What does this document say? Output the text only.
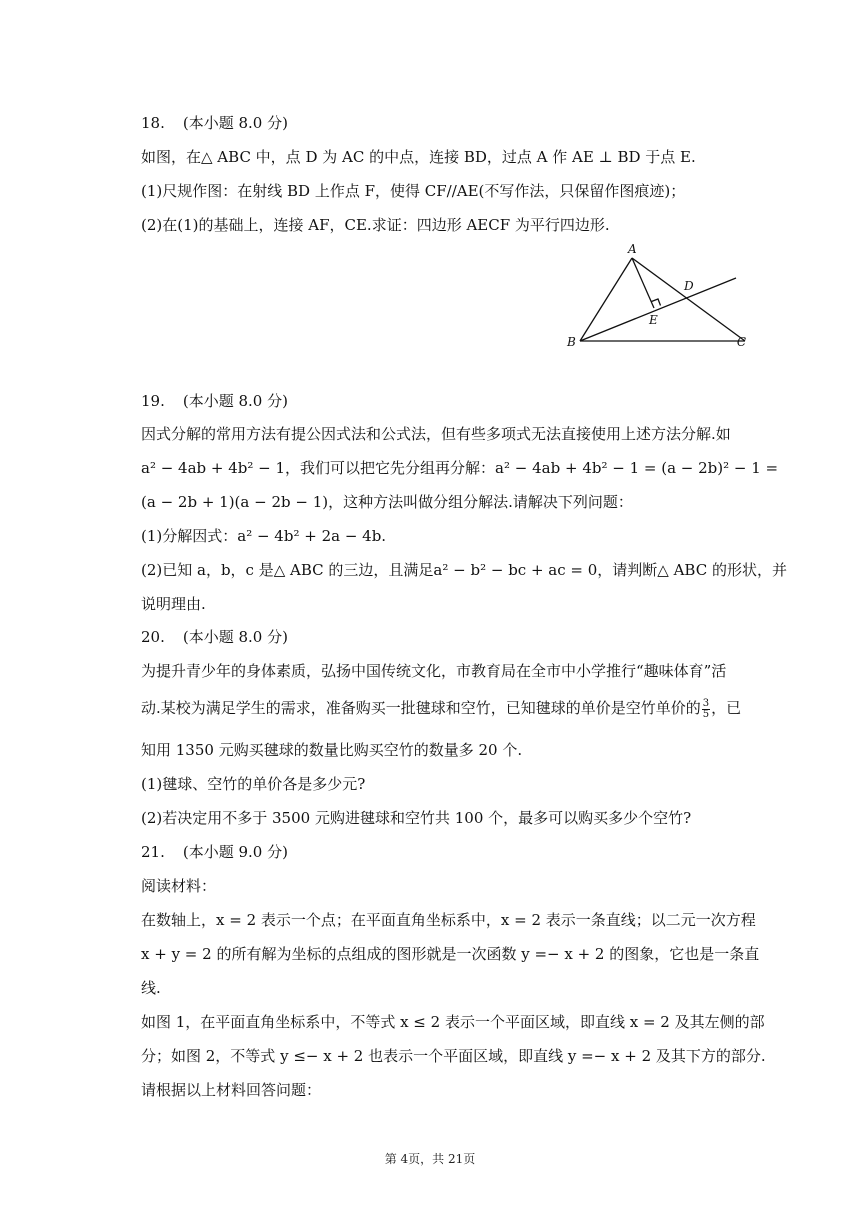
18. (本小题 8.0 分)
如图，在△ ABC 中，点 D 为 AC 的中点，连接 BD，过点 A 作 AE ⊥ BD 于点 E.
(1)尺规作图：在射线 BD 上作点 F，使得 CF//AE(不写作法，只保留作图痕迹)；
(2)在(1)的基础上，连接 AF，CE.求证：四边形 AECF 为平行四边形.
A
B	C
D
E
19. (本小题 8.0 分)
因式分解的常用方法有提公因式法和公式法，但有些多项式无法直接使用上述方法分解.如
a² − 4ab + 4b² − 1，我们可以把它先分组再分解：a² − 4ab + 4b² − 1 = (a − 2b)² − 1 =
(a − 2b + 1)(a − 2b − 1)，这种方法叫做分组分解法.请解决下列问题：
(1)分解因式：a² − 4b² + 2a − 4b.
(2)已知 a，b，c 是△ ABC 的三边，且满足a² − b² − bc + ac = 0，请判断△ ABC 的形状，并
说明理由.
20. (本小题 8.0 分)
为提升青少年的身体素质，弘扬中国传统文化，市教育局在全市中小学推行“趣味体育”活
动.某校为满足学生的需求，准备购买一批毽球和空竹，已知毽球的单价是空竹单价的 $\frac{3}{5}$ ，已
知用 1350 元购买毽球的数量比购买空竹的数量多 20 个.
(1)毽球、空竹的单价各是多少元?
(2)若决定用不多于 3500 元购进毽球和空竹共 100 个，最多可以购买多少个空竹?
21. (本小题 9.0 分)
阅读材料：
在数轴上，x = 2 表示一个点；在平面直角坐标系中，x = 2 表示一条直线；以二元一次方程
x + y = 2 的所有解为坐标的点组成的图形就是一次函数 y =− x + 2 的图象，它也是一条直
线.
如图 1，在平面直角坐标系中，不等式 x ≤ 2 表示一个平面区域，即直线 x = 2 及其左侧的部
分；如图 2，不等式 y ≤− x + 2 也表示一个平面区域，即直线 y =− x + 2 及其下方的部分.
请根据以上材料回答问题：
第 4页，共 21页
